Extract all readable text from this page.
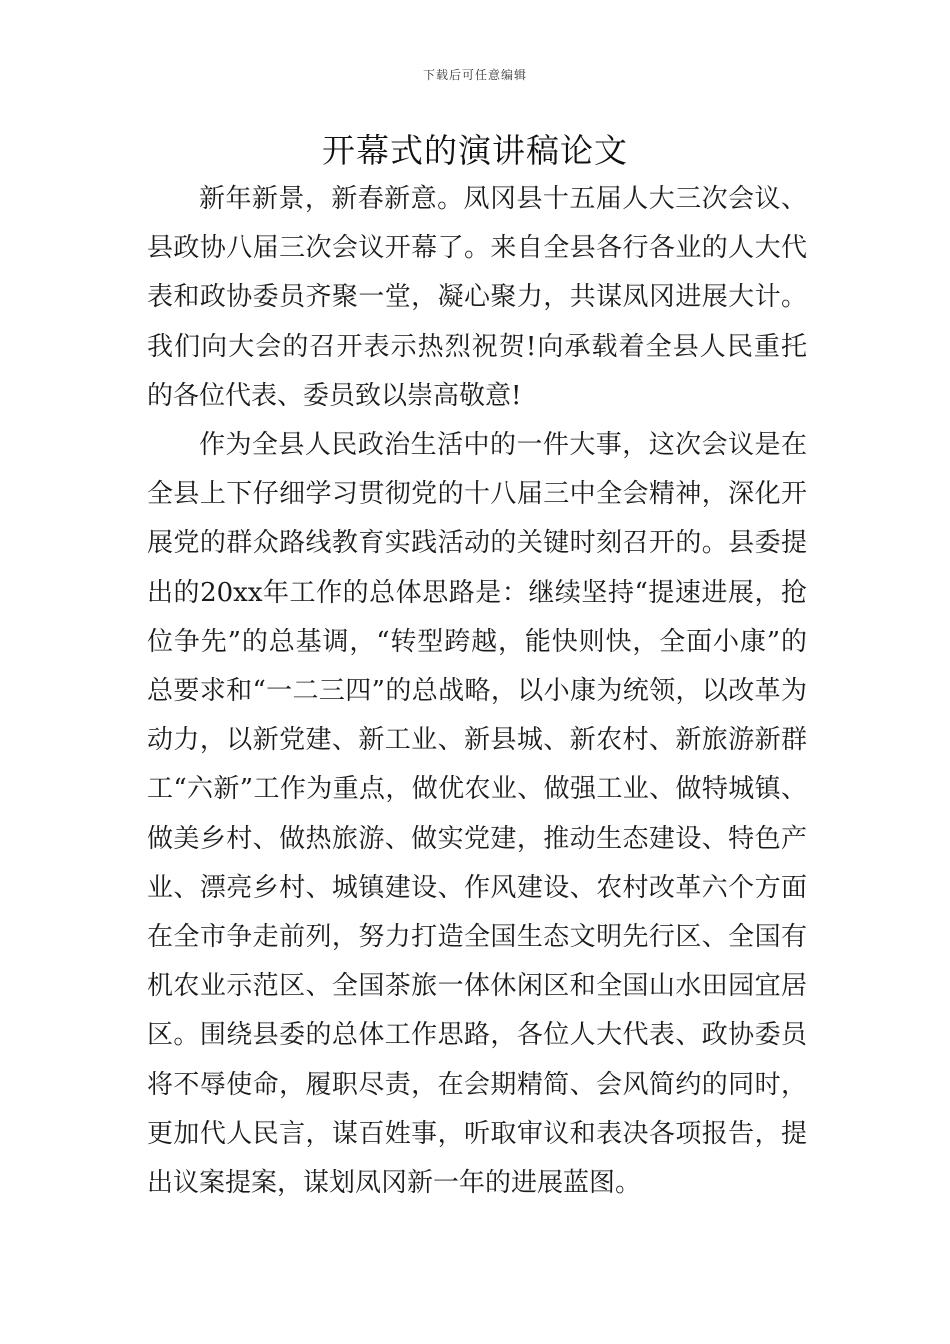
下载后可任意编辑
开幕式的演讲稿论文

新年新景，新春新意。凤冈县十五届人大三次会议、县政协八届三次会议开幕了。来自全县各行各业的人大代表和政协委员齐聚一堂，凝心聚力，共谋凤冈进展大计。我们向大会的召开表示热烈祝贺!向承载着全县人民重托的各位代表、委员致以崇高敬意!

作为全县人民政治生活中的一件大事，这次会议是在全县上下仔细学习贯彻党的十八届三中全会精神，深化开展党的群众路线教育实践活动的关键时刻召开的。县委提出的20xx年工作的总体思路是：继续坚持“提速进展，抢位争先”的总基调，“转型跨越，能快则快，全面小康”的总要求和“一二三四”的总战略，以小康为统领，以改革为动力，以新党建、新工业、新县城、新农村、新旅游新群工“六新”工作为重点，做优农业、做强工业、做特城镇、做美乡村、做热旅游、做实党建，推动生态建设、特色产业、漂亮乡村、城镇建设、作风建设、农村改革六个方面在全市争走前列，努力打造全国生态文明先行区、全国有机农业示范区、全国茶旅一体休闲区和全国山水田园宜居区。围绕县委的总体工作思路，各位人大代表、政协委员将不辱使命，履职尽责，在会期精简、会风简约的同时，更加代人民言，谋百姓事，听取审议和表决各项报告，提出议案提案，谋划凤冈新一年的进展蓝图。
